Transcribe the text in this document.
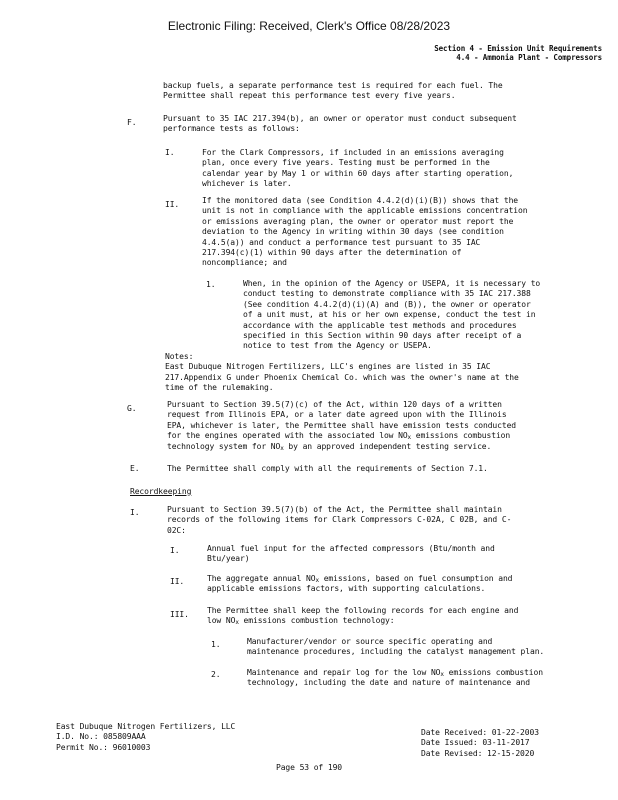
Electronic Filing: Received, Clerk's Office 08/28/2023
Section 4 - Emission Unit Requirements
4.4 - Ammonia Plant - Compressors
backup fuels, a separate performance test is required for each fuel. The
Permittee shall repeat this performance test every five years.
F.	Pursuant to 35 IAC 217.394(b), an owner or operator must conduct subsequent
performance tests as follows:
I.	For the Clark Compressors, if included in an emissions averaging
plan, once every five years. Testing must be performed in the
calendar year by May 1 or within 60 days after starting operation,
whichever is later.
II.	If the monitored data (see Condition 4.4.2(d)(i)(B)) shows that the
unit is not in compliance with the applicable emissions concentration
or emissions averaging plan, the owner or operator must report the
deviation to the Agency in writing within 30 days (see condition
4.4.5(a)) and conduct a performance test pursuant to 35 IAC
217.394(c)(1) within 90 days after the determination of
noncompliance; and
1.	When, in the opinion of the Agency or USEPA, it is necessary to
conduct testing to demonstrate compliance with 35 IAC 217.388
(See condition 4.4.2(d)(i)(A) and (B)), the owner or operator
of a unit must, at his or her own expense, conduct the test in
accordance with the applicable test methods and procedures
specified in this Section within 90 days after receipt of a
notice to test from the Agency or USEPA.
Notes:
East Dubuque Nitrogen Fertilizers, LLC's engines are listed in 35 IAC
217.Appendix G under Phoenix Chemical Co. which was the owner's name at the
time of the rulemaking.
G.	Pursuant to Section 39.5(7)(c) of the Act, within 120 days of a written
request from Illinois EPA, or a later date agreed upon with the Illinois
EPA, whichever is later, the Permittee shall have emission tests conducted
for the engines operated with the associated low $NO_x$ emissions combustion
technology system for $NO_x$ by an approved independent testing service.
E.	The Permittee shall comply with all the requirements of Section 7.1.
Recordkeeping
I.	Pursuant to Section 39.5(7)(b) of the Act, the Permittee shall maintain
records of the following items for Clark Compressors C-02A, C 02B, and C-
02C:
I.	Annual fuel input for the affected compressors (Btu/month and
Btu/year)
II.	The aggregate annual $NO_x$ emissions, based on fuel consumption and
applicable emissions factors, with supporting calculations.
III. The Permittee shall keep the following records for each engine and
low $NO_x$ emissions combustion technology:
1.	Manufacturer/vendor or source specific operating and
maintenance procedures, including the catalyst management plan.
2.	Maintenance and repair log for the low $NO_x$ emissions combustion
technology, including the date and nature of maintenance and
East Dubuque Nitrogen Fertilizers, LLC
I.D. No.: 085809AAA
Permit No.: 96010003
Date Received: 01-22-2003
Date Issued: 03-11-2017
Date Revised: 12-15-2020
Page 53 of 190
